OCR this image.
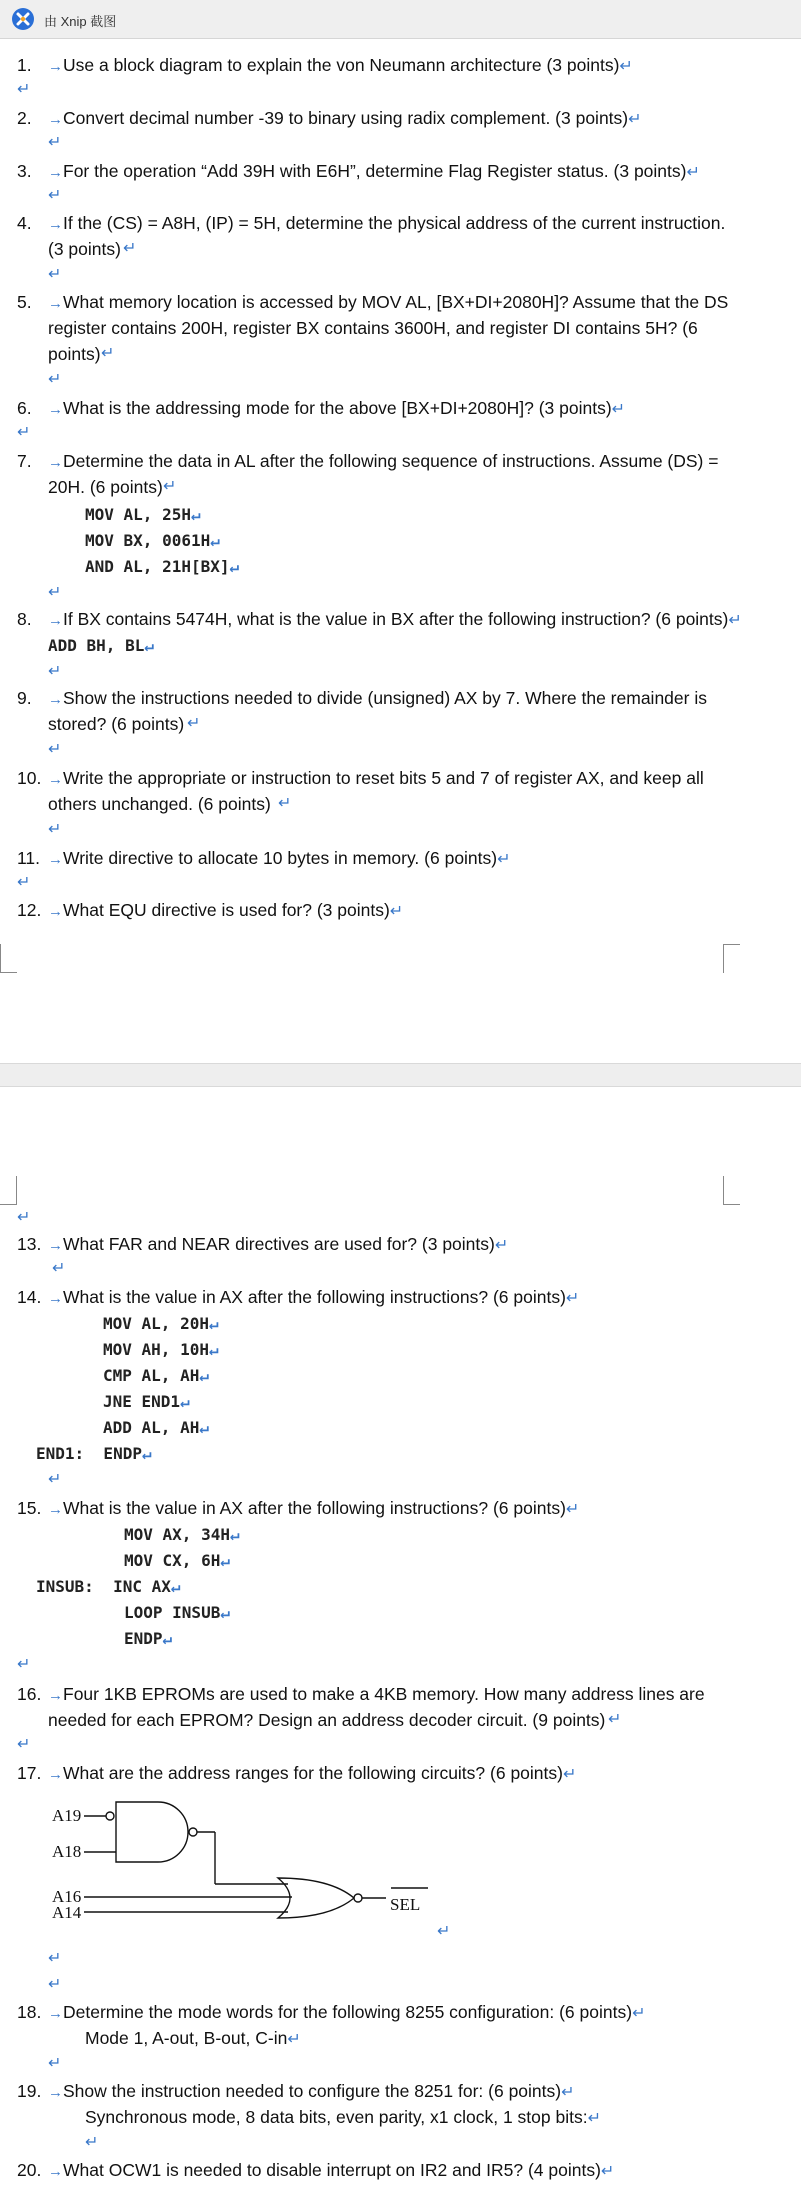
由 Xnip 截图
1. →Use a block diagram to explain the von Neumann architecture (3 points)↵
↵
2. →Convert decimal number -39 to binary using radix complement. (3 points)↵
↵
3. →For the operation “Add 39H with E6H”, determine Flag Register status. (3 points)↵
↵
4. →If the (CS) = A8H, (IP) = 5H, determine the physical address of the current instruction.
(3 points) ↵
↵
5. →What memory location is accessed by MOV AL, [BX+DI+2080H]? Assume that the DS
register contains 200H, register BX contains 3600H, and register DI contains 5H? (6
points) ↵
↵
6. →What is the addressing mode for the above [BX+DI+2080H]? (3 points)↵
↵
7. →Determine the data in AL after the following sequence of instructions. Assume (DS) =
20H. (6 points) ↵
MOV AL, 25H↵
MOV BX, 0061H↵
AND AL, 21H[BX]↵
↵
8. →If BX contains 5474H, what is the value in BX after the following instruction? (6 points)↵
ADD BH, BL↵
↵
9. →Show the instructions needed to divide (unsigned) AX by 7. Where the remainder is
stored? (6 points) ↵
↵
10. →Write the appropriate or instruction to reset bits 5 and 7 of register AX, and keep all
others unchanged. (6 points) ↵
↵
11. →Write directive to allocate 10 bytes in memory. (6 points)↵
↵
12. →What EQU directive is used for? (3 points)↵
↵
13. →What FAR and NEAR directives are used for? (3 points)↵
↵
14. →What is the value in AX after the following instructions? (6 points)↵
MOV AL, 20H↵
MOV AH, 10H↵
CMP AL, AH↵
JNE END1↵
ADD AL, AH↵
END1:  ENDP↵
↵
15. →What is the value in AX after the following instructions? (6 points)↵
MOV AX, 34H↵
MOV CX, 6H↵
INSUB:  INC AX↵
LOOP INSUB↵
ENDP↵
↵
16. →Four 1KB EPROMs are used to make a 4KB memory. How many address lines are
needed for each EPROM? Design an address decoder circuit. (9 points) ↵
↵
17. →What are the address ranges for the following circuits? (6 points)↵
A19
A18
A16
A14	SEL
↵
↵
↵
18. →Determine the mode words for the following 8255 configuration: (6 points)↵
Mode 1, A-out, B-out, C-in↵
↵
19. →Show the instruction needed to configure the 8251 for: (6 points)↵
Synchronous mode, 8 data bits, even parity, x1 clock, 1 stop bits:↵
↵
20. →What OCW1 is needed to disable interrupt on IR2 and IR5? (4 points)↵
